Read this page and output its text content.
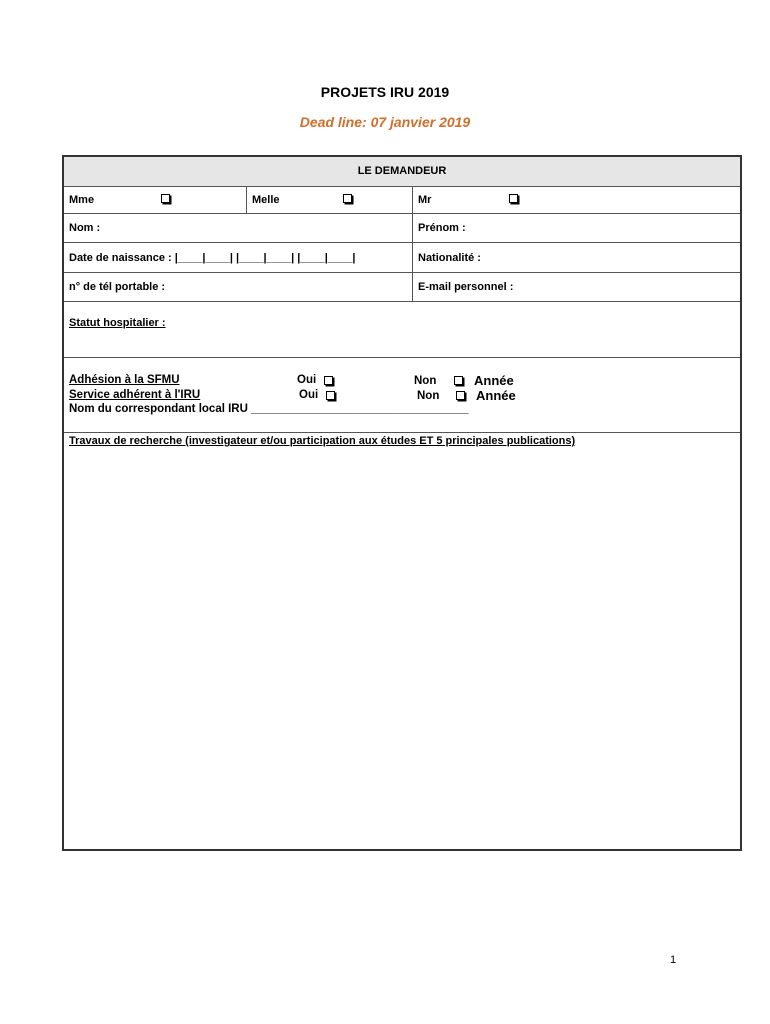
PROJETS IRU 2019
Dead line: 07 janvier 2019
LE DEMANDEUR
Mme	Melle	Mr
Nom :	Prénom :
Date de naissance : |____|____| |____|____| |____|____|	Nationalité :
n° de tél portable :	E-mail personnel :
Statut hospitalier :
Adhésion à la SFMU	Oui	Non	Année
Service adhérent à l'IRU	Oui	Non	Année
Nom du correspondant local IRU __________________________________
Travaux de recherche (investigateur et/ou participation aux études ET 5 principales publications)
1
